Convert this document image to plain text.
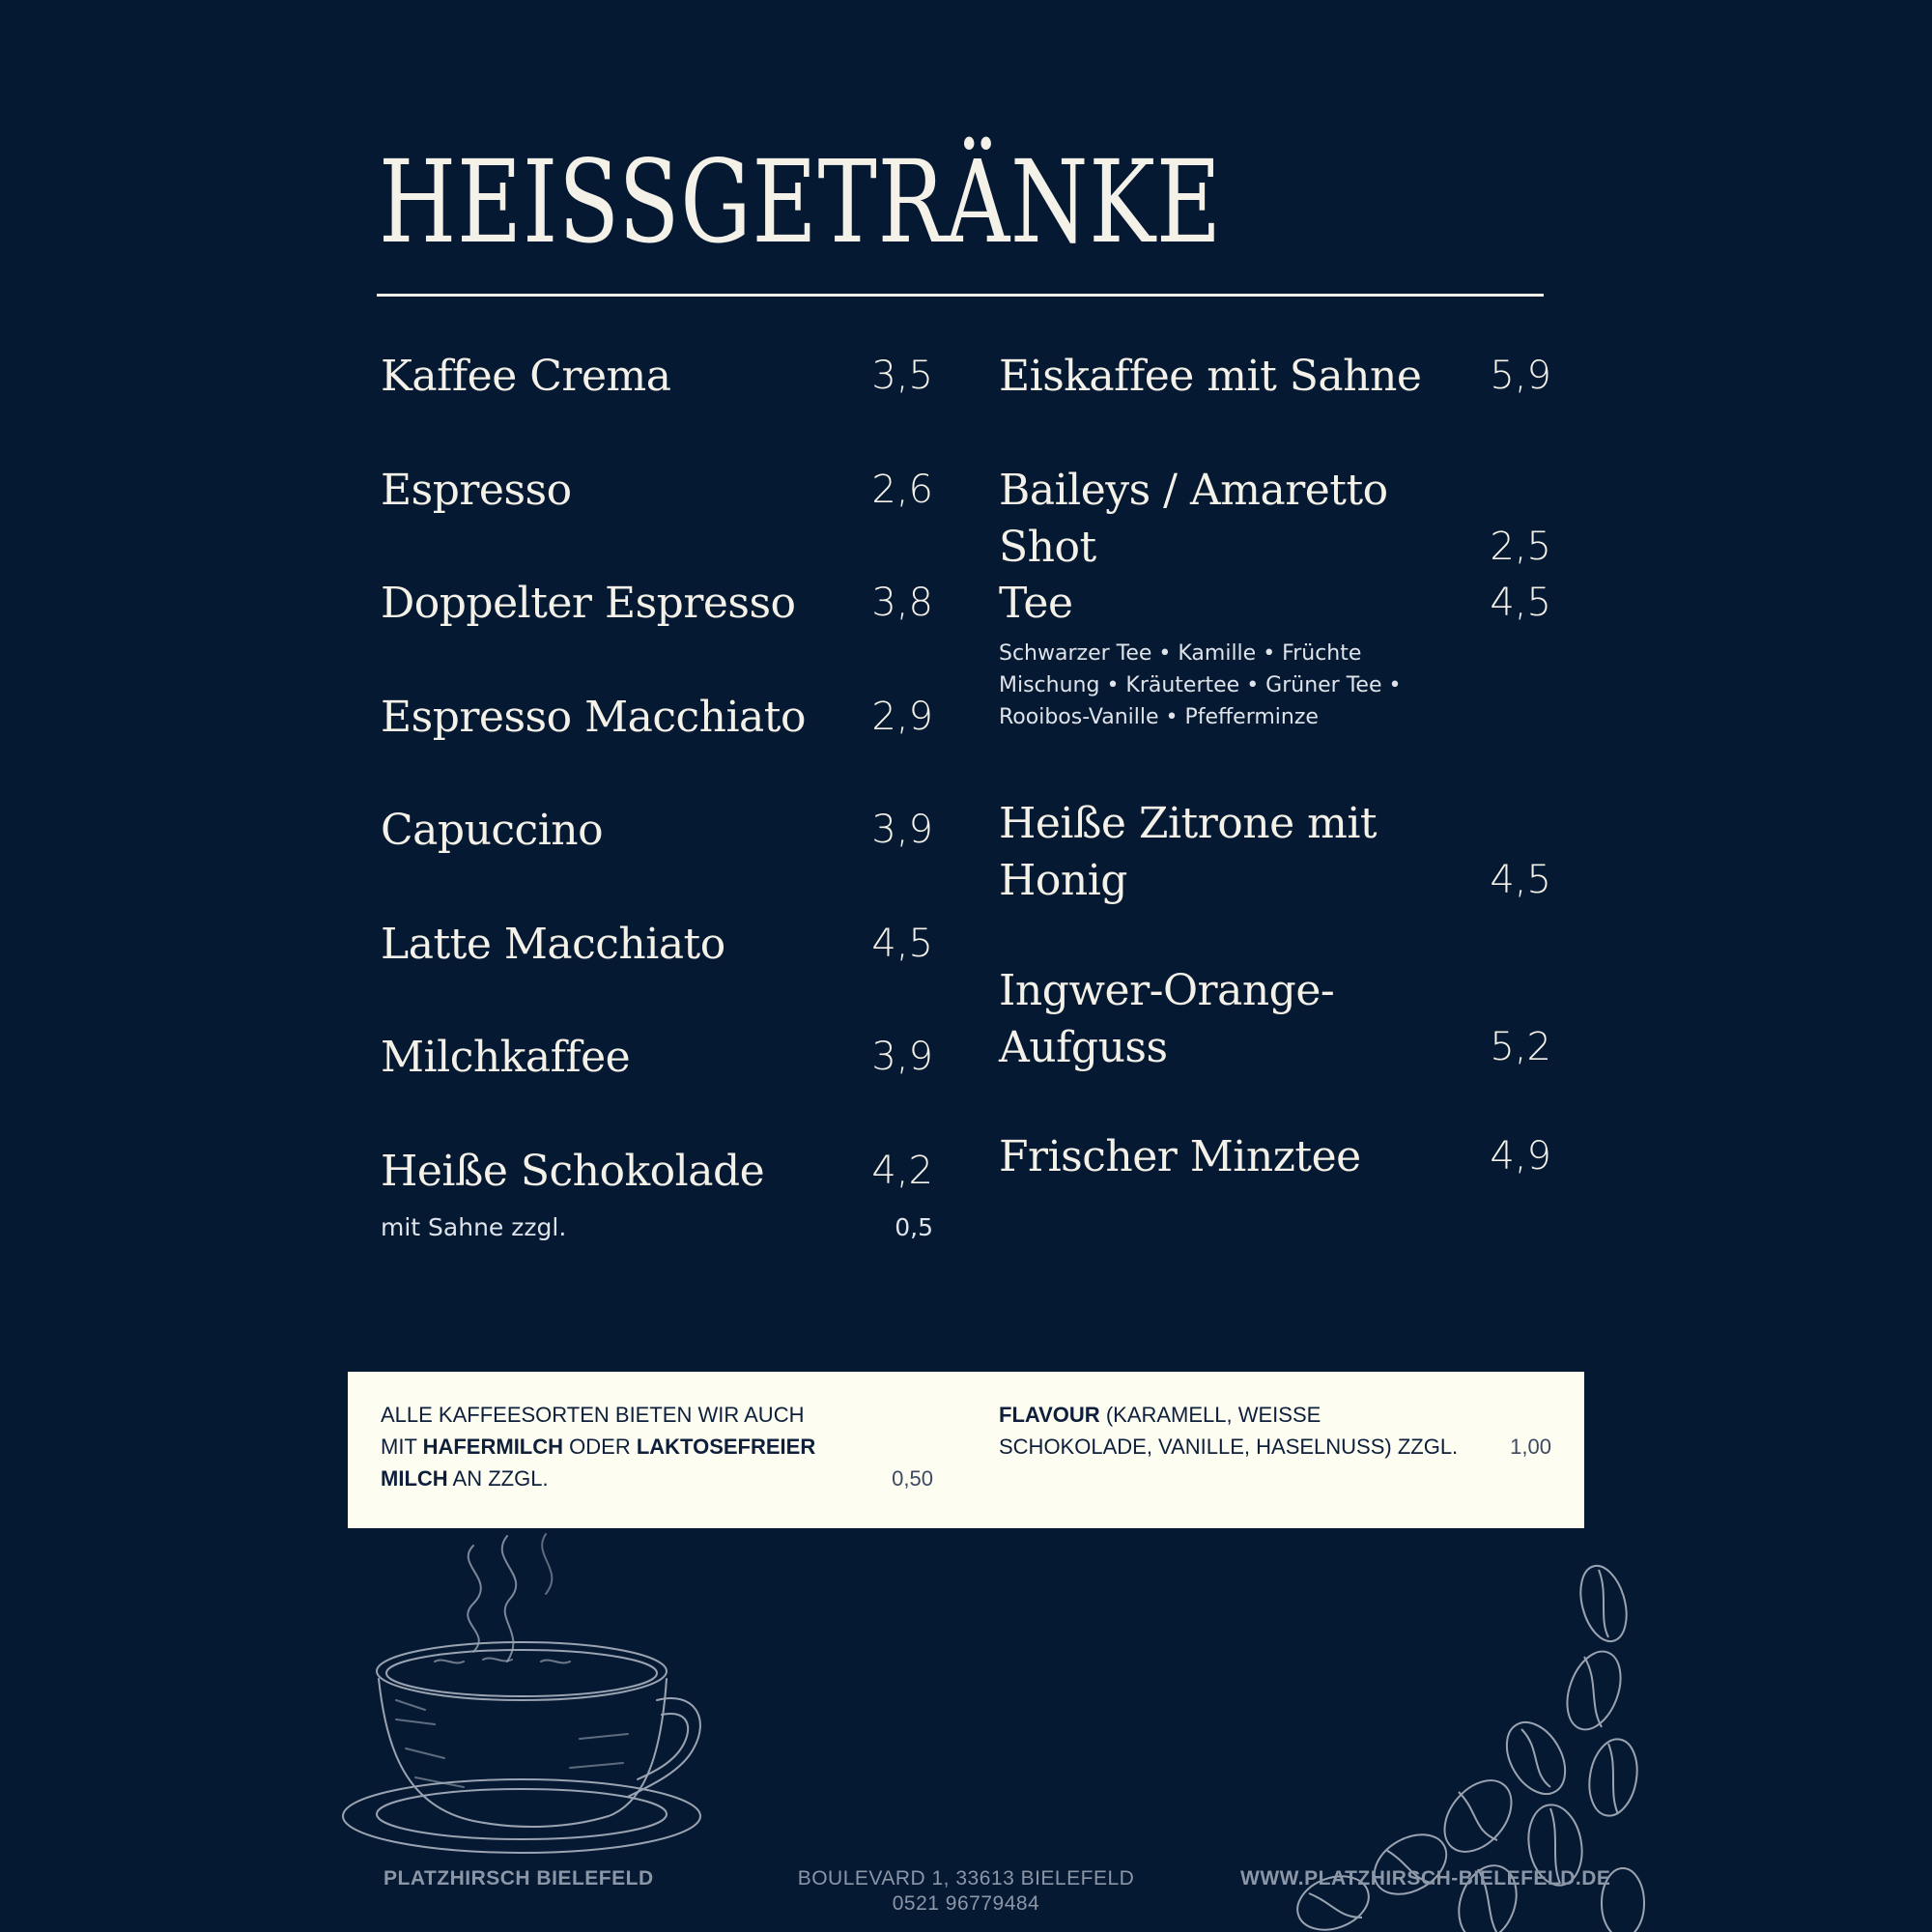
HEISSGETRÄNKE
Kaffee Crema	3,5
Espresso	2,6
Doppelter Espresso 3,8
Espresso Macchiato 2,9
Capuccino	3,9
Latte Macchiato	4,5
Milchkaffee	3,9
Heiße Schokolade	4,2
mit Sahne zzgl.	0,5
Eiskaffee mit Sahne 5,9
Baileys / Amaretto Shot	2,5
Tee	4,5
Schwarzer Tee • Kamille • Früchte Mischung • Kräutertee • Grüner Tee • Rooibos-Vanille • Pfefferminze
Heiße Zitrone mit Honig	4,5
Ingwer-Orange-Aufguss	5,2
Frischer Minztee	4,9
ALLE KAFFEESORTEN BIETEN WIR AUCH MIT HAFERMILCH ODER LAKTOSEFREIER MILCH AN ZZGL.	0,50
FLAVOUR (KARAMELL, WEISSE SCHOKOLADE, VANILLE, HASELNUSS) ZZGL. 1,00
PLATZHIRSCH BIELEFELD	BOULEVARD 1, 33613 BIELEFELD
0521 96779484
WWW.PLATZHIRSCH-BIELEFELD.DE
